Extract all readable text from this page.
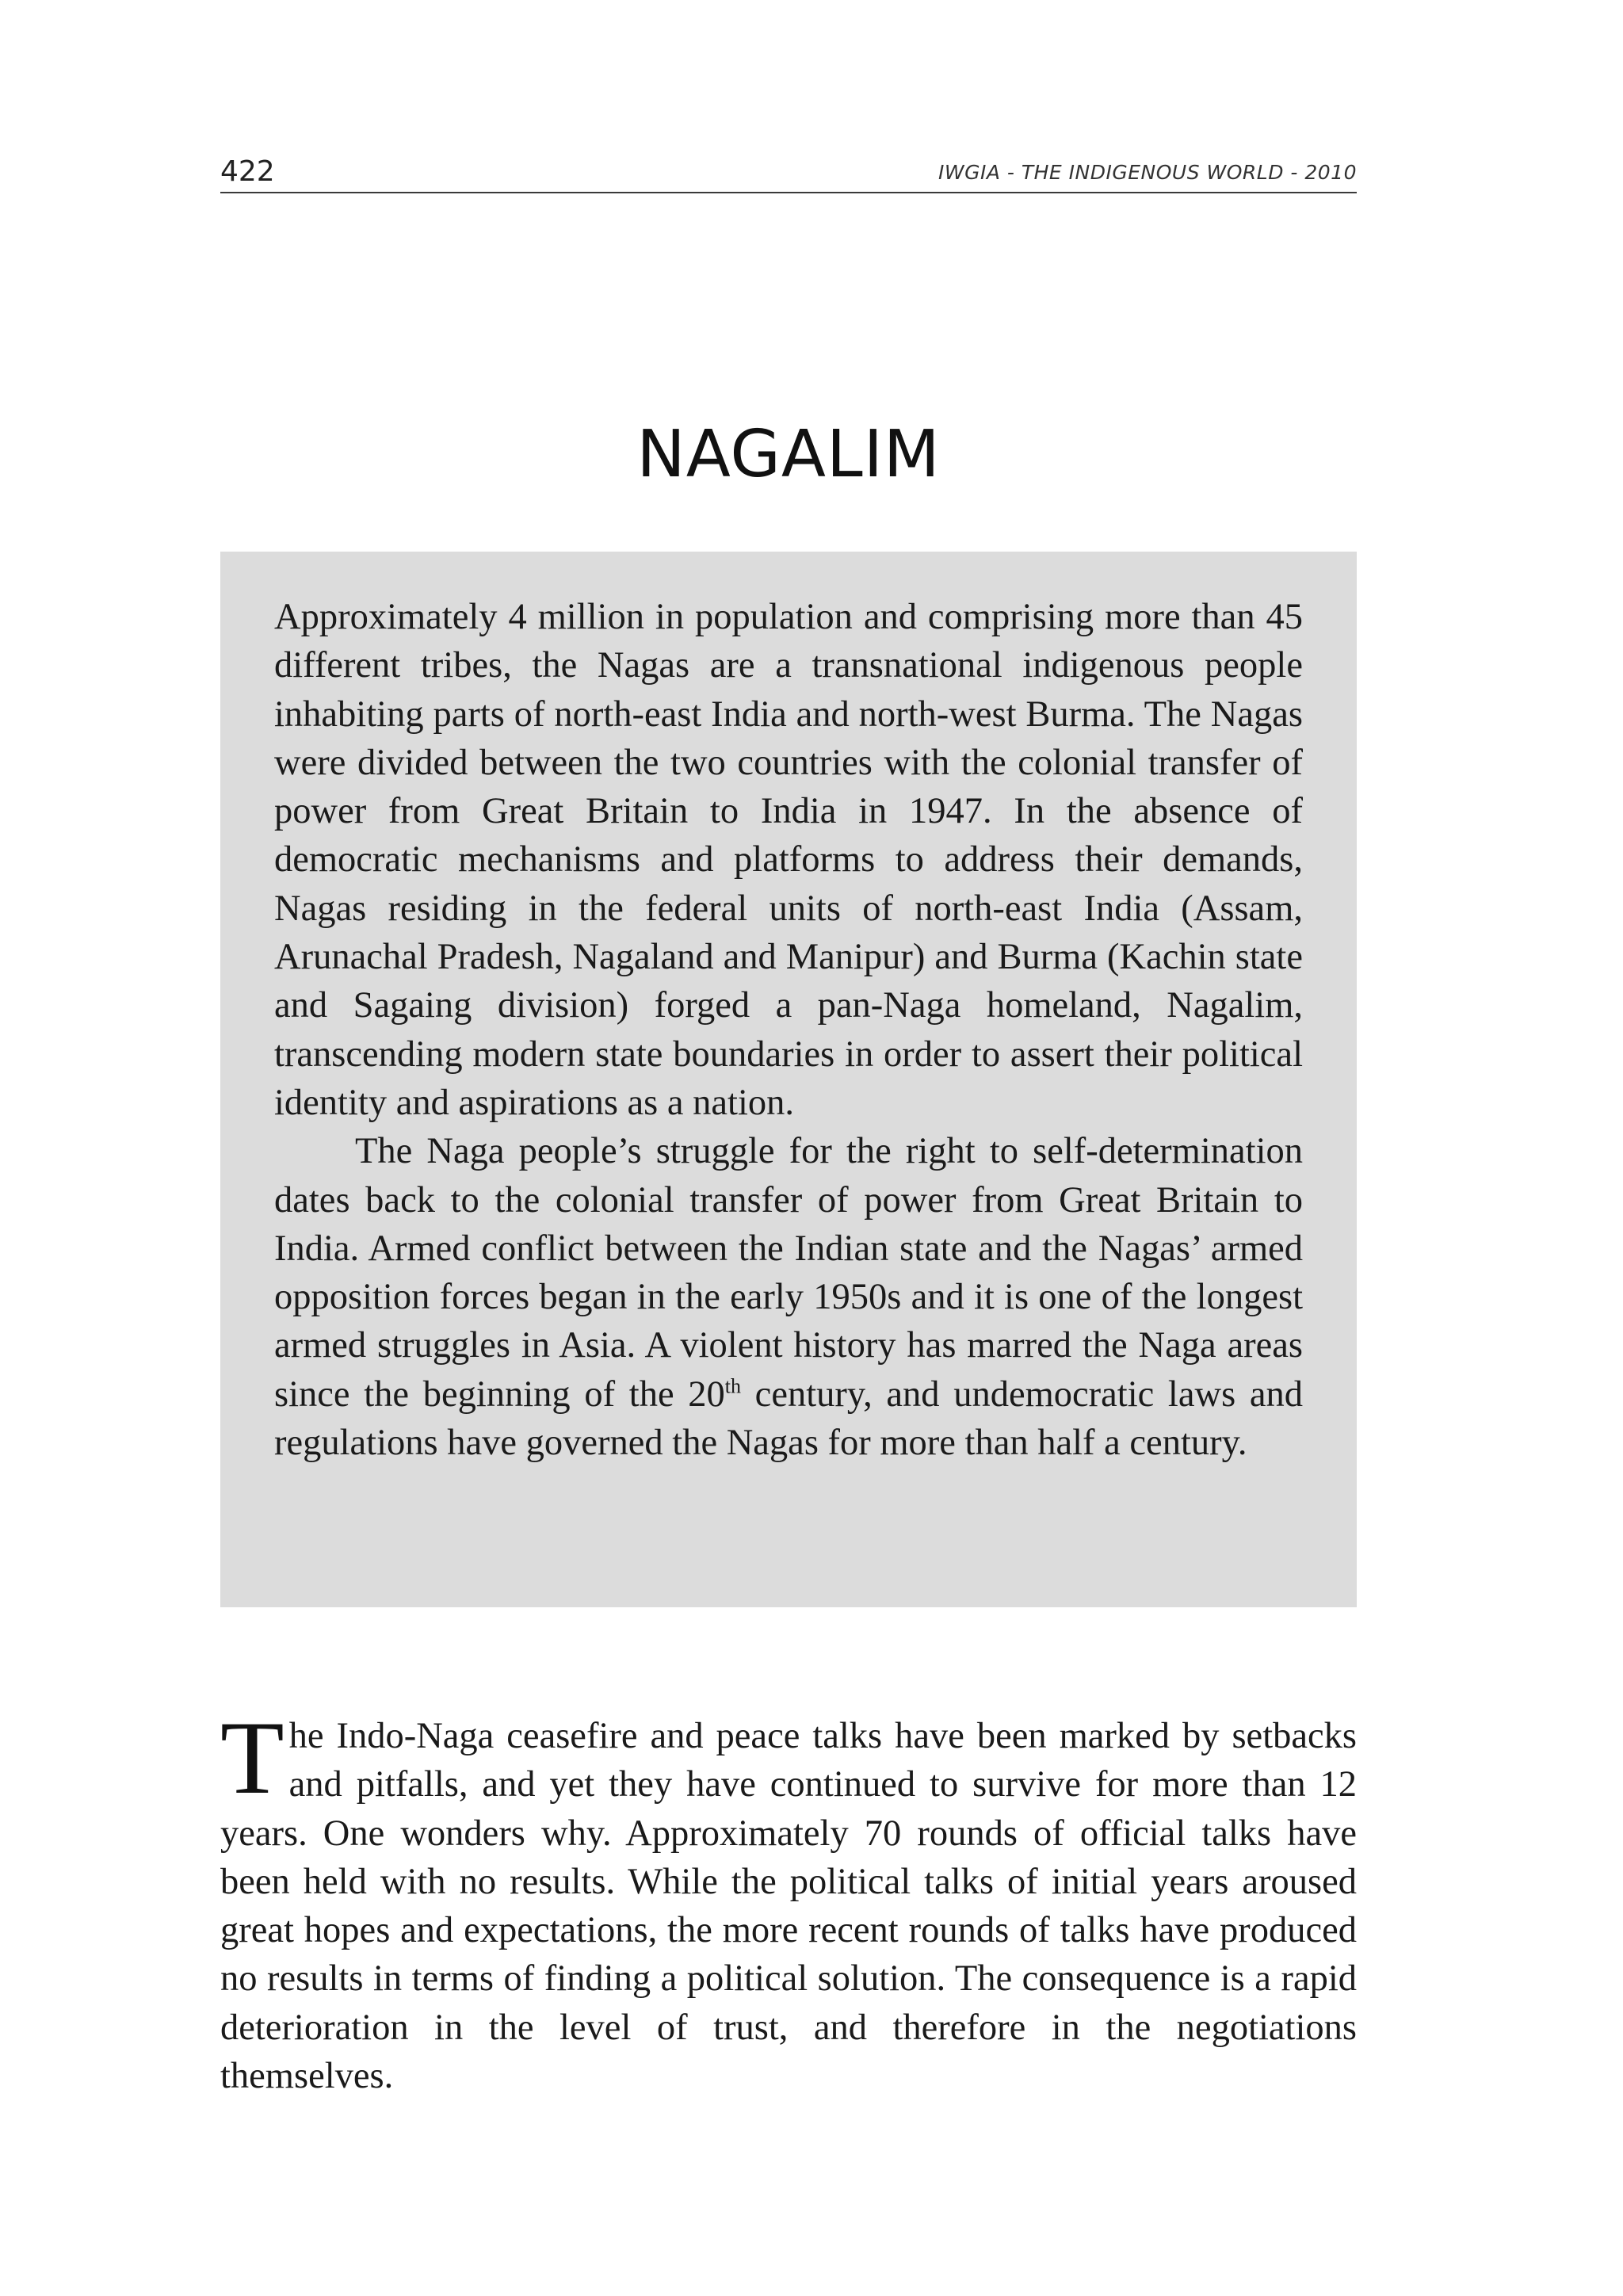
422	IWGIA - THE INDIGENOUS WORLD - 2010
NAGALIM

Approximately 4 million in population and comprising more than 45 different tribes, the Nagas are a transnational indigenous people inhabiting parts of north-east India and north-west Burma. The Nagas were divided between the two countries with the colonial transfer of power from Great Britain to India in 1947. In the absence of democratic mechanisms and platforms to address their demands, Nagas residing in the federal units of north-east India (Assam, Arunachal Pradesh, Nagaland and Manipur) and Burma (Kachin state and Sagaing division) forged a pan-Naga homeland, Nagalim, transcending modern state boundaries in order to assert their political identity and aspirations as a nation.

The Naga people’s struggle for the right to self-determination dates back to the colonial transfer of power from Great Britain to India. Armed conflict between the Indian state and the Nagas’ armed opposition forces began in the early 1950s and it is one of the longest armed struggles in Asia. A violent history has marred the Naga areas since the beginning of the 20th century, and undemocratic laws and regulations have governed the Nagas for more than half a century.

The Indo-Naga ceasefire and peace talks have been marked by setbacks and pitfalls, and yet they have continued to survive for more than 12 years. One wonders why. Approximately 70 rounds of official talks have been held with no results. While the political talks of initial years aroused great hopes and expectations, the more recent rounds of talks have produced no results in terms of finding a political solution. The consequence is a rapid deterioration in the level of trust, and therefore in the negotiations themselves.
